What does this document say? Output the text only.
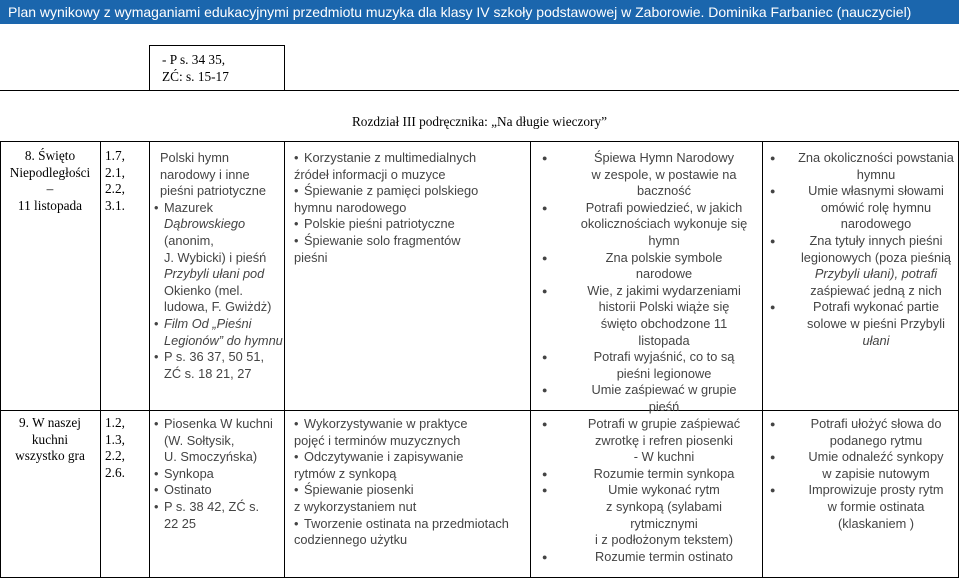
Plan wynikowy z wymaganiami edukacyjnymi przedmiotu muzyka dla klasy IV szkoły podstawowej w Zaborowie. Dominika Farbaniec (nauczyciel)
- P s. 34 35,
ZĆ: s. 15-17
Rozdział III podręcznika: „Na długie wieczory”
8. Święto
Niepodległości
–
11 listopada
1.7,
2.1,
2.2,
3.1.
Polski hymn
narodowy i inne
pieśni patriotyczne
• Mazurek
Dąbrowskiego
(anonim,
J. Wybicki) i pieśń
Przybyli ułani pod
Okienko (mel.
ludowa, F. Gwiżdż)
• Film Od „Pieśni
Legionów” do hymnu
• P s. 36 37, 50 51,
ZĆ s. 18 21, 27
• Korzystanie z multimedialnych
źródeł informacji o muzyce
• Śpiewanie z pamięci polskiego
hymnu narodowego
• Polskie pieśni patriotyczne
• Śpiewanie solo fragmentów
pieśni
● Śpiewa Hymn Narodowy
w zespole, w postawie na
baczność
● Potrafi powiedzieć, w jakich
okolicznościach wykonuje się
hymn
● Zna polskie symbole
narodowe
● Wie, z jakimi wydarzeniami
historii Polski wiąże się
święto obchodzone 11
listopada
● Potrafi wyjaśnić, co to są
pieśni legionowe
● Umie zaśpiewać w grupie
pieśń
● Zna okoliczności powstania
hymnu
● Umie własnymi słowami
omówić rolę hymnu
narodowego
● Zna tytuły innych pieśni
legionowych (poza pieśnią
Przybyli ułani), potrafi
zaśpiewać jedną z nich
● Potrafi wykonać partie
solowe w pieśni Przybyli
ułani
9. W naszej
kuchni
wszystko gra
1.2,
1.3,
2.2,
2.6.
• Piosenka W kuchni
(W. Sołtysik,
U. Smoczyńska)
• Synkopa
• Ostinato
• P s. 38 42, ZĆ s.
22 25
• Wykorzystywanie w praktyce
pojęć i terminów muzycznych
• Odczytywanie i zapisywanie
rytmów z synkopą
• Śpiewanie piosenki
z wykorzystaniem nut
• Tworzenie ostinata na przedmiotach
codziennego użytku
● Potrafi w grupie zaśpiewać
zwrotkę i refren piosenki
- W kuchni
● Rozumie termin synkopa
● Umie wykonać rytm
z synkopą (sylabami
rytmicznymi
i z podłożonym tekstem)
● Rozumie termin ostinato
● Potrafi ułożyć słowa do
podanego rytmu
● Umie odnaleźć synkopy
w zapisie nutowym
● Improwizuje prosty rytm
w formie ostinata
(klaskaniem )
